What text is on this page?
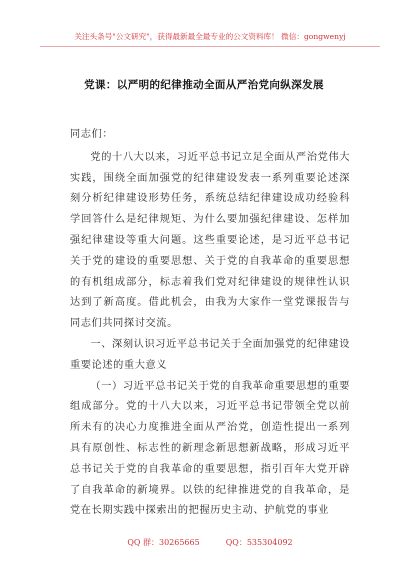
关注头条号"公文研究"，获得最新最全最专业的公文资料库！ 微信：gongwenyj
党课：以严明的纪律推动全面从严治党向纵深发展

同志们：

党的十八大以来，习近平总书记立足全面从严治党伟大实践，围绕全面加强党的纪律建设发表一系列重要论述深刻分析纪律建设形势任务，系统总结纪律建设成功经验科学回答什么是纪律规矩、为什么要加强纪律建设、怎样加强纪律建设等重大问题。这些重要论述，是习近平总书记关于党的建设的重要思想、关于党的自我革命的重要思想的有机组成部分，标志着我们党对纪律建设的规律性认识达到了新高度。借此机会，由我为大家作一堂党课报告与同志们共同探讨交流。

一、深刻认识习近平总书记关于全面加强党的纪律建设重要论述的重大意义

（一）习近平总书记关于党的自我革命重要思想的重要组成部分。党的十八大以来，习近平总书记带领全党以前所未有的决心力度推进全面从严治党，创造性提出一系列具有原创性、标志性的新理念新思想新战略，形成习近平总书记关于党的自我革命的重要思想，指引百年大党开辟了自我革命的新境界。以铁的纪律推进党的自我革命，是党在长期实践中探索出的把握历史主动、护航党的事业

QQ 群：30265665	QQ：535304092
